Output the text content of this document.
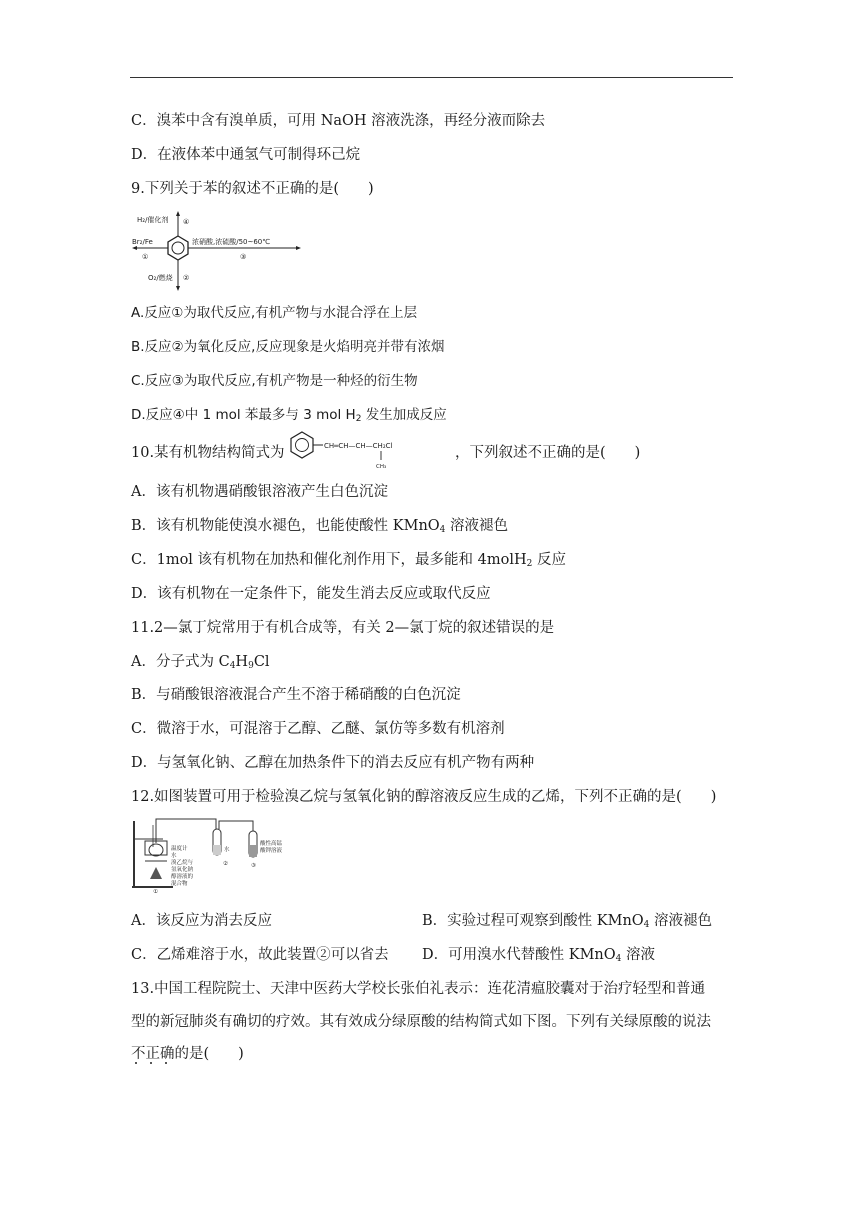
C．溴苯中含有溴单质，可用 NaOH 溶液洗涤，再经分液而除去
D．在液体苯中通氢气可制得环己烷
9.下列关于苯的叙述不正确的是(　　)
H₂/催化剂 ④
Br₂/Fe
①
浓硝酸,浓硫酸/50~60℃
③
O₂/燃烧 ②
A.反应①为取代反应,有机产物与水混合浮在上层
B.反应②为氧化反应,反应现象是火焰明亮并带有浓烟
C.反应③为取代反应,有机产物是一种烃的衍生物
D.反应④中 1 mol 苯最多与 3 mol $H_2$ 发生加成反应
10.某有机物结构简式为	CH═CH—CH—CH₂Cl
CH₃
，下列叙述不正确的是(　　)
A．该有机物遇硝酸银溶液产生白色沉淀
B．该有机物能使溴水褪色，也能使酸性 KMnO$_4$ 溶液褪色
C．1mol 该有机物在加热和催化剂作用下，最多能和 4molH$_2$ 反应
D．该有机物在一定条件下，能发生消去反应或取代反应
11.2—氯丁烷常用于有机合成等，有关 2—氯丁烷的叙述错误的是
A．分子式为 $C_4H_9Cl$
B．与硝酸银溶液混合产生不溶于稀硝酸的白色沉淀
C．微溶于水，可混溶于乙醇、乙醚、氯仿等多数有机溶剂
D．与氢氧化钠、乙醇在加热条件下的消去反应有机产物有两种
12.如图装置可用于检验溴乙烷与氢氧化钠的醇溶液反应生成的乙烯，下列不正确的是(　　)
温度计
水
溴乙烷与
氢氧化钠
醇溶液的
混合物
水
酸性高锰
酸钾溶液
①
②	③
A．该反应为消去反应	B．实验过程可观察到酸性 KMnO$_4$ 溶液褪色
C．乙烯难溶于水，故此装置②可以省去 D．可用溴水代替酸性 KMnO$_4$ 溶液
13.中国工程院院士、天津中医药大学校长张伯礼表示：连花清瘟胶囊对于治疗轻型和普通
型的新冠肺炎有确切的疗效。其有效成分绿原酸的结构简式如下图。下列有关绿原酸的说法
不正确的是(　　)
